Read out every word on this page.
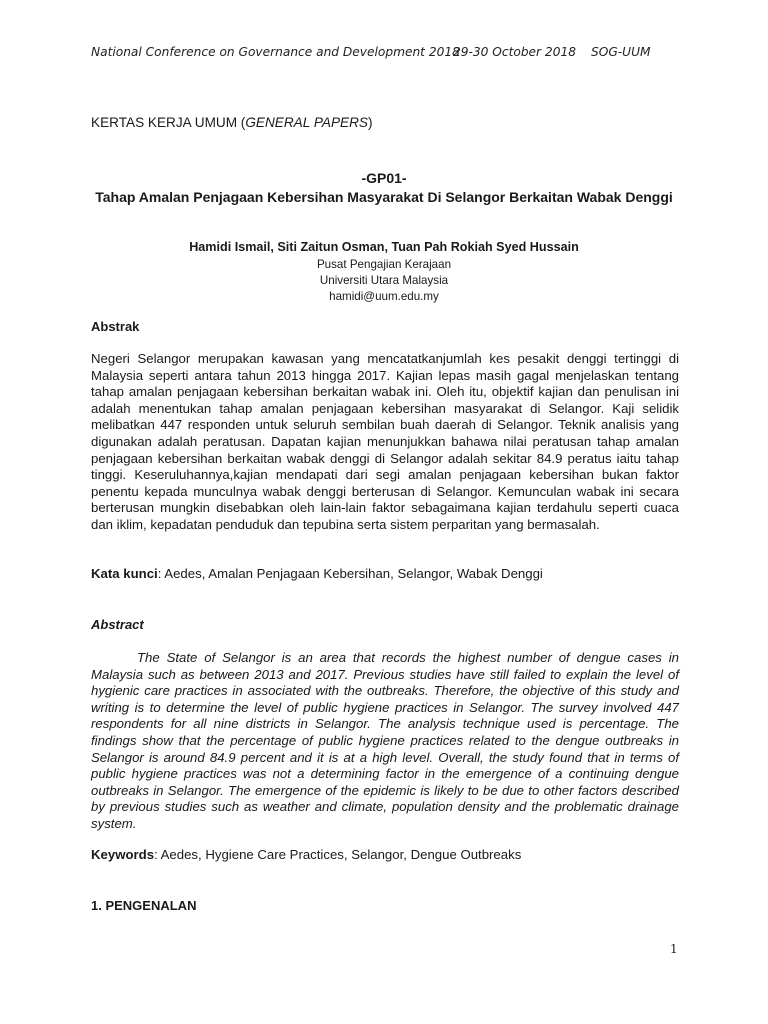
National Conference on Governance and Development 2018
29-30 October 2018 SOG-UUM
KERTAS KERJA UMUM (GENERAL PAPERS)
-GP01-
Tahap Amalan Penjagaan Kebersihan Masyarakat Di Selangor Berkaitan Wabak Denggi
Hamidi Ismail, Siti Zaitun Osman, Tuan Pah Rokiah Syed Hussain
Pusat Pengajian Kerajaan
Universiti Utara Malaysia
hamidi@uum.edu.my
Abstrak

Negeri Selangor merupakan kawasan yang mencatatkanjumlah kes pesakit denggi tertinggi di Malaysia seperti antara tahun 2013 hingga 2017. Kajian lepas masih gagal menjelaskan tentang tahap amalan penjagaan kebersihan berkaitan wabak ini. Oleh itu, objektif kajian dan penulisan ini adalah menentukan tahap amalan penjagaan kebersihan masyarakat di Selangor. Kaji selidik melibatkan 447 responden untuk seluruh sembilan buah daerah di Selangor. Teknik analisis yang digunakan adalah peratusan. Dapatan kajian menunjukkan bahawa nilai peratusan tahap amalan penjagaan kebersihan berkaitan wabak denggi di Selangor adalah sekitar 84.9 peratus iaitu tahap tinggi. Keseruluhannya,kajian mendapati dari segi amalan penjagaan kebersihan bukan faktor penentu kepada munculnya wabak denggi berterusan di Selangor. Kemunculan wabak ini secara berterusan mungkin disebabkan oleh lain-lain faktor sebagaimana kajian terdahulu seperti cuaca dan iklim, kepadatan penduduk dan tepubina serta sistem perparitan yang bermasalah.

Kata kunci: Aedes, Amalan Penjagaan Kebersihan, Selangor, Wabak Denggi
Abstract

The State of Selangor is an area that records the highest number of dengue cases in Malaysia such as between 2013 and 2017. Previous studies have still failed to explain the level of hygienic care practices in associated with the outbreaks. Therefore, the objective of this study and writing is to determine the level of public hygiene practices in Selangor. The survey involved 447 respondents for all nine districts in Selangor. The analysis technique used is percentage. The findings show that the percentage of public hygiene practices related to the dengue outbreaks in Selangor is around 84.9 percent and it is at a high level. Overall, the study found that in terms of public hygiene practices was not a determining factor in the emergence of a continuing dengue outbreaks in Selangor. The emergence of the epidemic is likely to be due to other factors described by previous studies such as weather and climate, population density and the problematic drainage system.

Keywords: Aedes, Hygiene Care Practices, Selangor, Dengue Outbreaks
1. PENGENALAN
1
